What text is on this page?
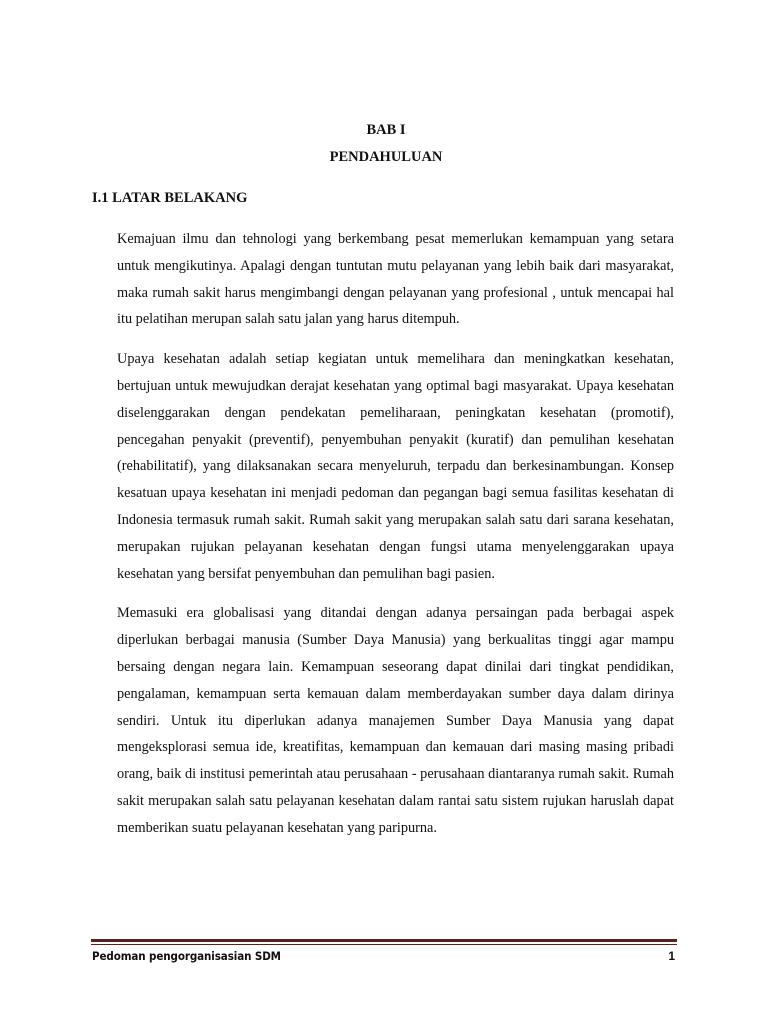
BAB I
PENDAHULUAN
I.1 LATAR BELAKANG

Kemajuan ilmu dan tehnologi yang berkembang pesat memerlukan kemampuan yang setara untuk mengikutinya. Apalagi dengan tuntutan mutu pelayanan yang lebih baik dari masyarakat, maka rumah sakit harus mengimbangi dengan pelayanan yang profesional , untuk mencapai hal itu pelatihan merupan salah satu jalan yang harus ditempuh.

Upaya kesehatan adalah setiap kegiatan untuk memelihara dan meningkatkan kesehatan, bertujuan untuk mewujudkan derajat kesehatan yang optimal bagi masyarakat. Upaya kesehatan diselenggarakan dengan pendekatan pemeliharaan, peningkatan kesehatan (promotif), pencegahan penyakit (preventif), penyembuhan penyakit (kuratif) dan pemulihan kesehatan (rehabilitatif), yang dilaksanakan secara menyeluruh, terpadu dan berkesinambungan. Konsep kesatuan upaya kesehatan ini menjadi pedoman dan pegangan bagi semua fasilitas kesehatan di Indonesia termasuk rumah sakit. Rumah sakit yang merupakan salah satu dari sarana kesehatan, merupakan rujukan pelayanan kesehatan dengan fungsi utama menyelenggarakan upaya kesehatan yang bersifat penyembuhan dan pemulihan bagi pasien.

Memasuki era globalisasi yang ditandai dengan adanya persaingan pada berbagai aspek diperlukan berbagai manusia (Sumber Daya Manusia) yang berkualitas tinggi agar mampu bersaing dengan negara lain. Kemampuan seseorang dapat dinilai dari tingkat pendidikan, pengalaman, kemampuan serta kemauan dalam memberdayakan sumber daya dalam dirinya sendiri. Untuk itu diperlukan adanya manajemen Sumber Daya Manusia yang dapat mengeksplorasi semua ide, kreatifitas, kemampuan dan kemauan dari masing masing pribadi orang, baik di institusi pemerintah atau perusahaan - perusahaan diantaranya rumah sakit. Rumah sakit merupakan salah satu pelayanan kesehatan dalam rantai satu sistem rujukan haruslah dapat memberikan suatu pelayanan kesehatan yang paripurna.

Pedoman pengorganisasian SDM	1
